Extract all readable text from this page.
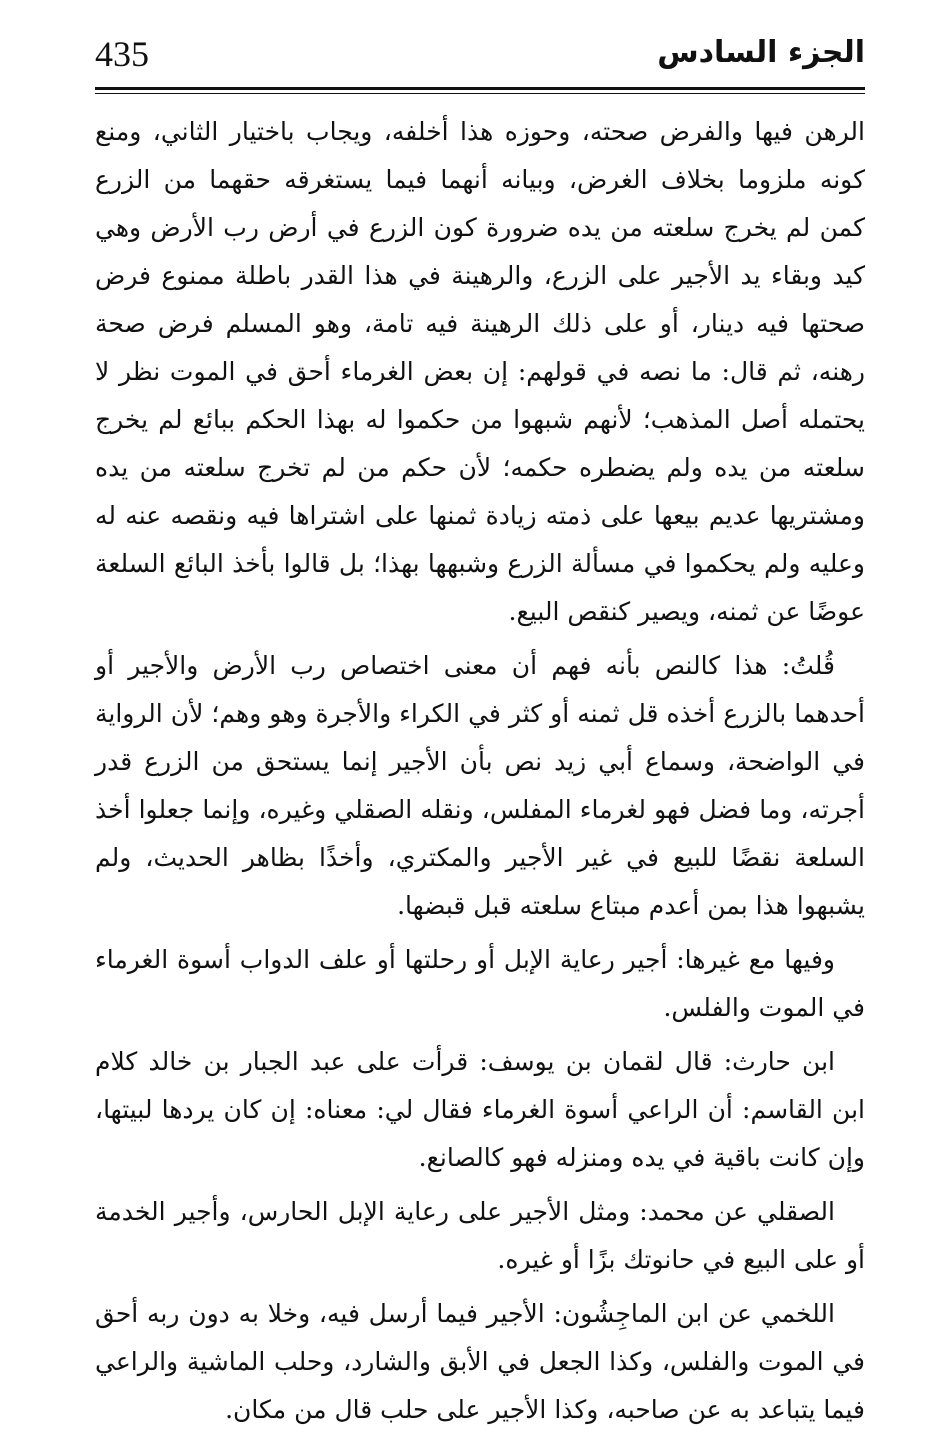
435	الجزء السادس

الرهن فيها والفرض صحته، وحوزه هذا أخلفه، ويجاب باختيار الثاني، ومنع كونه ملزوما بخلاف الغرض، وبيانه أنهما فيما يستغرقه حقهما من الزرع كمن لم يخرج سلعته من يده ضرورة كون الزرع في أرض رب الأرض وهي كيد وبقاء يد الأجير على الزرع، والرهينة في هذا القدر باطلة ممنوع فرض صحتها فيه دينار، أو على ذلك الرهينة فيه تامة، وهو المسلم فرض صحة رهنه، ثم قال: ما نصه في قولهم: إن بعض الغرماء أحق في الموت نظر لا يحتمله أصل المذهب؛ لأنهم شبهوا من حكموا له بهذا الحكم ببائع لم يخرج سلعته من يده ولم يضطره حكمه؛ لأن حكم من لم تخرج سلعته من يده ومشتريها عديم بيعها على ذمته زيادة ثمنها على اشتراها فيه ونقصه عنه له وعليه ولم يحكموا في مسألة الزرع وشبهها بهذا؛ بل قالوا بأخذ البائع السلعة عوضًا عن ثمنه، ويصير كنقص البيع.

قُلتُ: هذا كالنص بأنه فهم أن معنى اختصاص رب الأرض والأجير أو أحدهما بالزرع أخذه قل ثمنه أو كثر في الكراء والأجرة وهو وهم؛ لأن الرواية في الواضحة، وسماع أبي زيد نص بأن الأجير إنما يستحق من الزرع قدر أجرته، وما فضل فهو لغرماء المفلس، ونقله الصقلي وغيره، وإنما جعلوا أخذ السلعة نقضًا للبيع في غير الأجير والمكتري، وأخذًا بظاهر الحديث، ولم يشبهوا هذا بمن أعدم مبتاع سلعته قبل قبضها.

وفيها مع غيرها: أجير رعاية الإبل أو رحلتها أو علف الدواب أسوة الغرماء في الموت والفلس.

ابن حارث: قال لقمان بن يوسف: قرأت على عبد الجبار بن خالد كلام ابن القاسم: أن الراعي أسوة الغرماء فقال لي: معناه: إن كان يردها لبيتها، وإن كانت باقية في يده ومنزله فهو كالصانع.

الصقلي عن محمد: ومثل الأجير على رعاية الإبل الحارس، وأجير الخدمة أو على البيع في حانوتك بزًا أو غيره.

اللخمي عن ابن الماجِشُون: الأجير فيما أرسل فيه، وخلا به دون ربه أحق في الموت والفلس، وكذا الجعل في الأبق والشارد، وحلب الماشية والراعي فيما يتباعد به عن صاحبه، وكذا الأجير على حلب قال من مكان.
